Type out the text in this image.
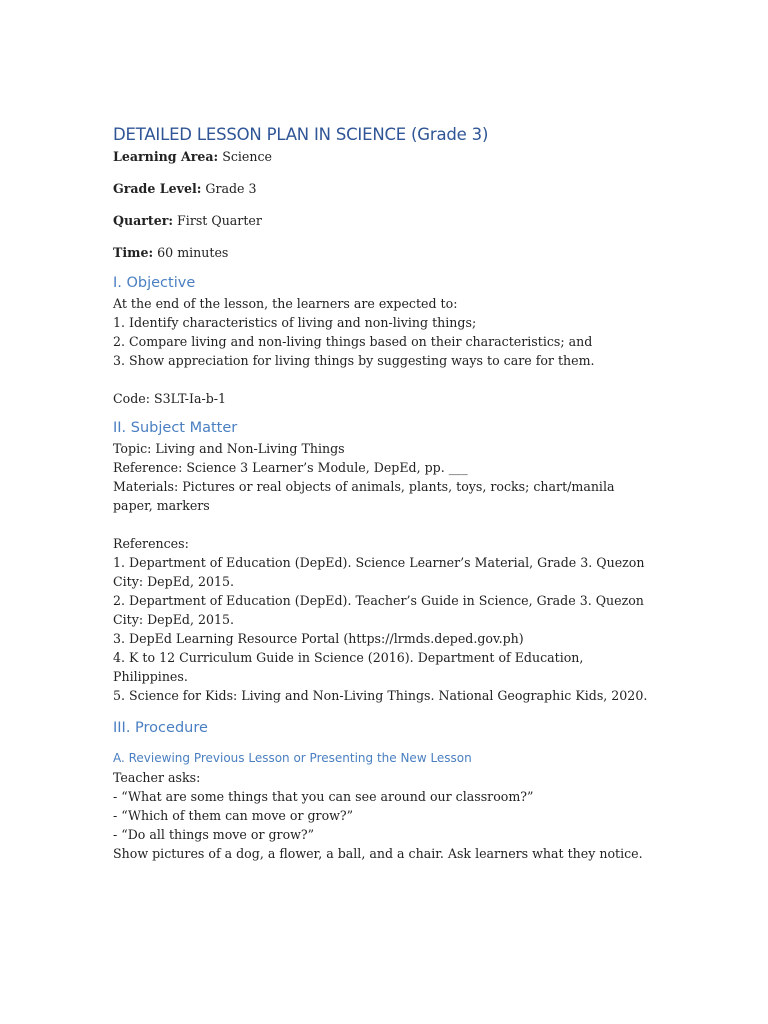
DETAILED LESSON PLAN IN SCIENCE (Grade 3)
Learning Area: Science
Grade Level: Grade 3
Quarter: First Quarter
Time: 60 minutes
I. Objective
At the end of the lesson, the learners are expected to:
1. Identify characteristics of living and non-living things;
2. Compare living and non-living things based on their characteristics; and
3. Show appreciation for living things by suggesting ways to care for them.
Code: S3LT-Ia-b-1
II. Subject Matter
Topic: Living and Non-Living Things
Reference: Science 3 Learner’s Module, DepEd, pp. ___
Materials: Pictures or real objects of animals, plants, toys, rocks; chart/manila paper, markers
References:
1. Department of Education (DepEd). Science Learner’s Material, Grade 3. Quezon City: DepEd, 2015.
2. Department of Education (DepEd). Teacher’s Guide in Science, Grade 3. Quezon City: DepEd, 2015.
3. DepEd Learning Resource Portal (https://lrmds.deped.gov.ph)
4. K to 12 Curriculum Guide in Science (2016). Department of Education, Philippines.
5. Science for Kids: Living and Non-Living Things. National Geographic Kids, 2020.
III. Procedure
A. Reviewing Previous Lesson or Presenting the New Lesson
Teacher asks:
- “What are some things that you can see around our classroom?”
- “Which of them can move or grow?”
- “Do all things move or grow?”
Show pictures of a dog, a flower, a ball, and a chair. Ask learners what they notice.
